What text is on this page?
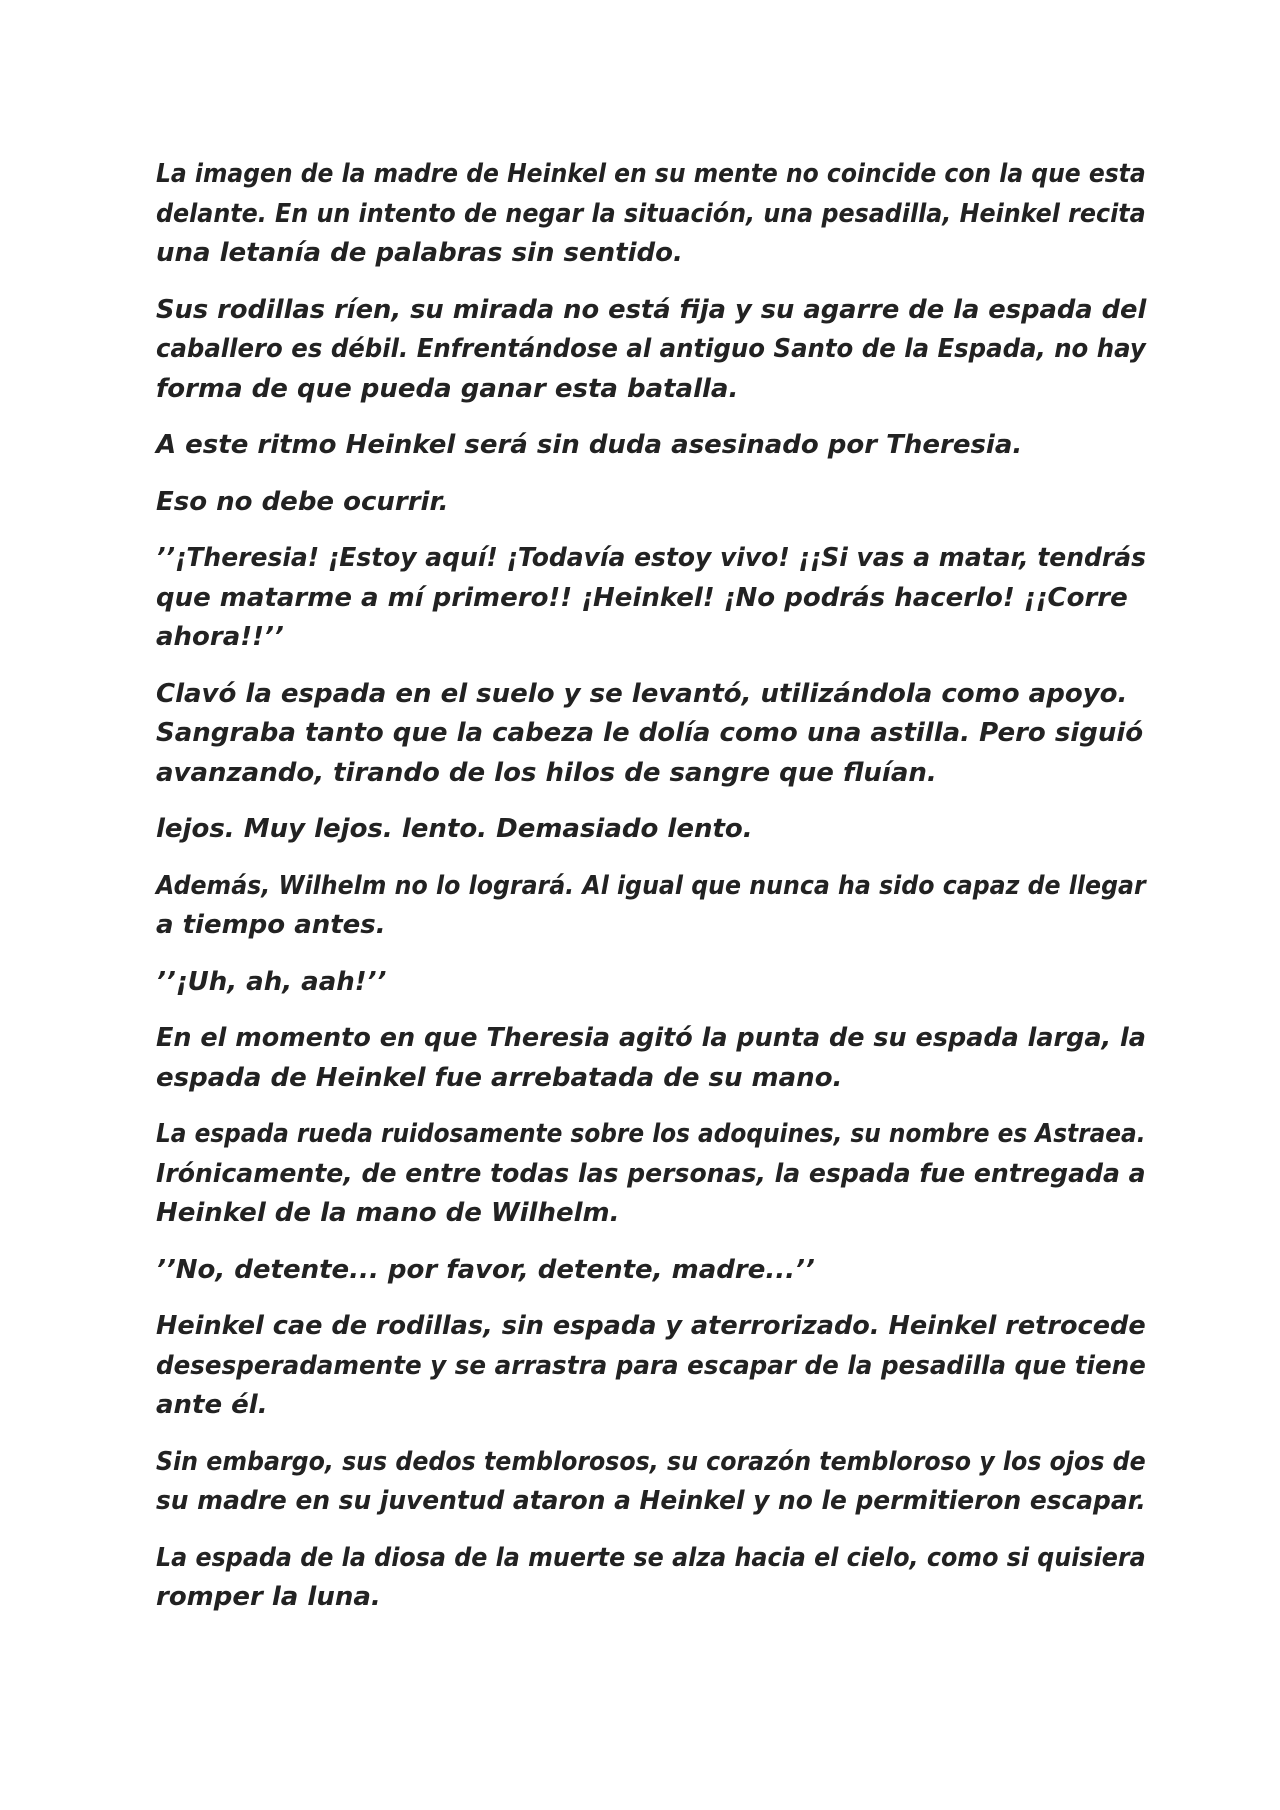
La imagen de la madre de Heinkel en su mente no coincide con la que esta
delante. En un intento de negar la situación, una pesadilla, Heinkel recita
una letanía de palabras sin sentido.

Sus rodillas ríen, su mirada no está fija y su agarre de la espada del
caballero es débil. Enfrentándose al antiguo Santo de la Espada, no hay
forma de que pueda ganar esta batalla.

A este ritmo Heinkel será sin duda asesinado por Theresia.

Eso no debe ocurrir.

’’¡Theresia! ¡Estoy aquí! ¡Todavía estoy vivo! ¡¡Si vas a matar, tendrás
que matarme a mí primero!! ¡Heinkel! ¡No podrás hacerlo! ¡¡Corre
ahora!!’’

Clavó la espada en el suelo y se levantó, utilizándola como apoyo.
Sangraba tanto que la cabeza le dolía como una astilla. Pero siguió
avanzando, tirando de los hilos de sangre que fluían.

lejos. Muy lejos. lento. Demasiado lento.

Además, Wilhelm no lo logrará. Al igual que nunca ha sido capaz de llegar
a tiempo antes.

’’¡Uh, ah, aah!’’

En el momento en que Theresia agitó la punta de su espada larga, la
espada de Heinkel fue arrebatada de su mano.

La espada rueda ruidosamente sobre los adoquines, su nombre es Astraea.
Irónicamente, de entre todas las personas, la espada fue entregada a
Heinkel de la mano de Wilhelm.

’’No, detente... por favor, detente, madre...’’

Heinkel cae de rodillas, sin espada y aterrorizado. Heinkel retrocede
desesperadamente y se arrastra para escapar de la pesadilla que tiene
ante él.

Sin embargo, sus dedos temblorosos, su corazón tembloroso y los ojos de
su madre en su juventud ataron a Heinkel y no le permitieron escapar.

La espada de la diosa de la muerte se alza hacia el cielo, como si quisiera
romper la luna.
